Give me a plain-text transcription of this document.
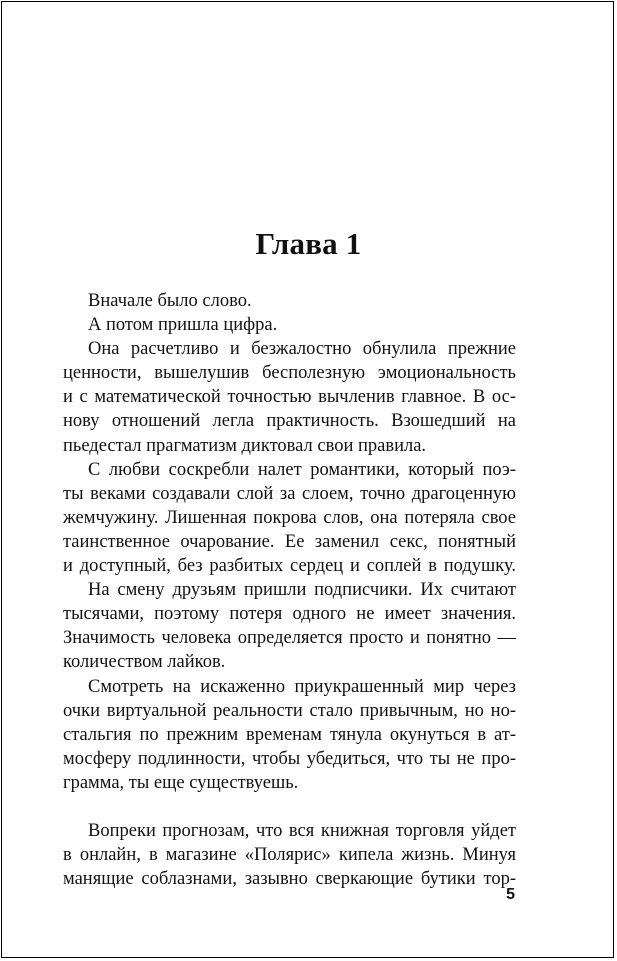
Глава 1
Вначале было слово.
А потом пришла цифра.
Она расчетливо и безжалостно обнулила прежние
ценности, вышелушив бесполезную эмоциональность
и с математической точностью вычленив главное. В ос-
нову отношений легла практичность. Взошедший на
пьедестал прагматизм диктовал свои правила.
С любви соскребли налет романтики, который поэ-
ты веками создавали слой за слоем, точно драгоценную
жемчужину. Лишенная покрова слов, она потеряла свое
таинственное очарование. Ее заменил секс, понятный
и доступный, без разбитых сердец и соплей в подушку.
На смену друзьям пришли подписчики. Их считают
тысячами, поэтому потеря одного не имеет значения.
Значимость человека определяется просто и понятно —
количеством лайков.
Смотреть на искаженно приукрашенный мир через
очки виртуальной реальности стало привычным, но но-
стальгия по прежним временам тянула окунуться в ат-
мосферу подлинности, чтобы убедиться, что ты не про-
грамма, ты еще существуешь.
Вопреки прогнозам, что вся книжная торговля уйдет
в онлайн, в магазине «Полярис» кипела жизнь. Минуя
манящие соблазнами, зазывно сверкающие бутики тор-
5
